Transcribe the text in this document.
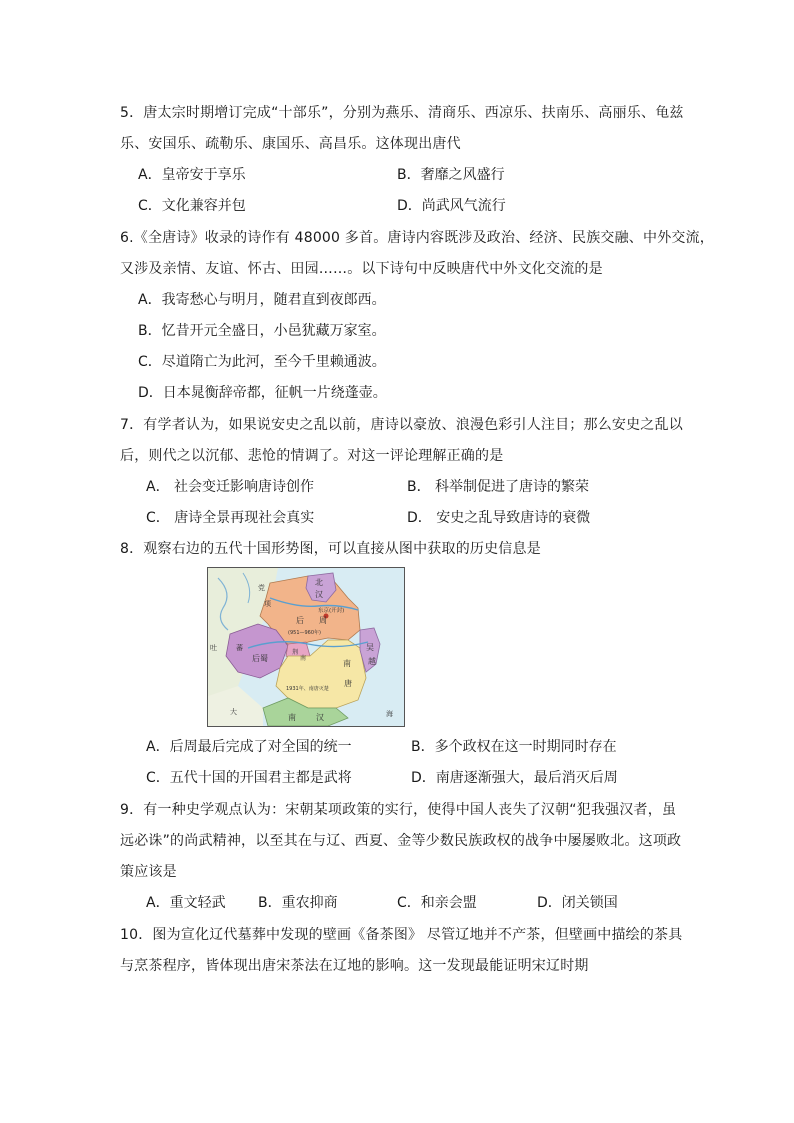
5．唐太宗时期增订完成“十部乐”，分别为燕乐、清商乐、西凉乐、扶南乐、高丽乐、龟兹
乐、安国乐、疏勒乐、康国乐、高昌乐。这体现出唐代
A．皇帝安于享乐	B．奢靡之风盛行
C．文化兼容并包	D．尚武风气流行
6.《全唐诗》收录的诗作有 48000 多首。唐诗内容既涉及政治、经济、民族交融、中外交流，
又涉及亲情、友谊、怀古、田园……。以下诗句中反映唐代中外文化交流的是
A．我寄愁心与明月，随君直到夜郎西。
B．忆昔开元全盛日，小邑犹藏万家室。
C．尽道隋亡为此河，至今千里赖通波。
D．日本晁衡辞帝都，征帆一片绕蓬壶。
7．有学者认为，如果说安史之乱以前，唐诗以豪放、浪漫色彩引人注目；那么安史之乱以
后，则代之以沉郁、悲怆的情调了。对这一评论理解正确的是
A． 社会变迁影响唐诗创作	B． 科举制促进了唐诗的繁荣
C． 唐诗全景再现社会真实	D． 安史之乱导致唐诗的衰微
8．观察右边的五代十国形势图，可以直接从图中获取的历史信息是
北
汉
党
项
东京(开封)
后 周
(951—960年)
吐	蕃
后蜀
荆
南
吴
越
南
唐
1931年、南唐灭楚
大
南	汉	海
A．后周最后完成了对全国的统一	B．多个政权在这一时期同时存在
C．五代十国的开国君主都是武将	D．南唐逐渐强大，最后消灭后周
9．有一种史学观点认为：宋朝某项政策的实行，使得中国人丧失了汉朝“犯我强汉者，虽
远必诛”的尚武精神，以至其在与辽、西夏、金等少数民族政权的战争中屡屡败北。这项政
策应该是
A．重文轻武 B．重农抑商	C．和亲会盟	D．闭关锁国
10．图为宣化辽代墓葬中发现的壁画《备茶图》 尽管辽地并不产茶，但壁画中描绘的茶具
与烹茶程序，皆体现出唐宋茶法在辽地的影响。这一发现最能证明宋辽时期
